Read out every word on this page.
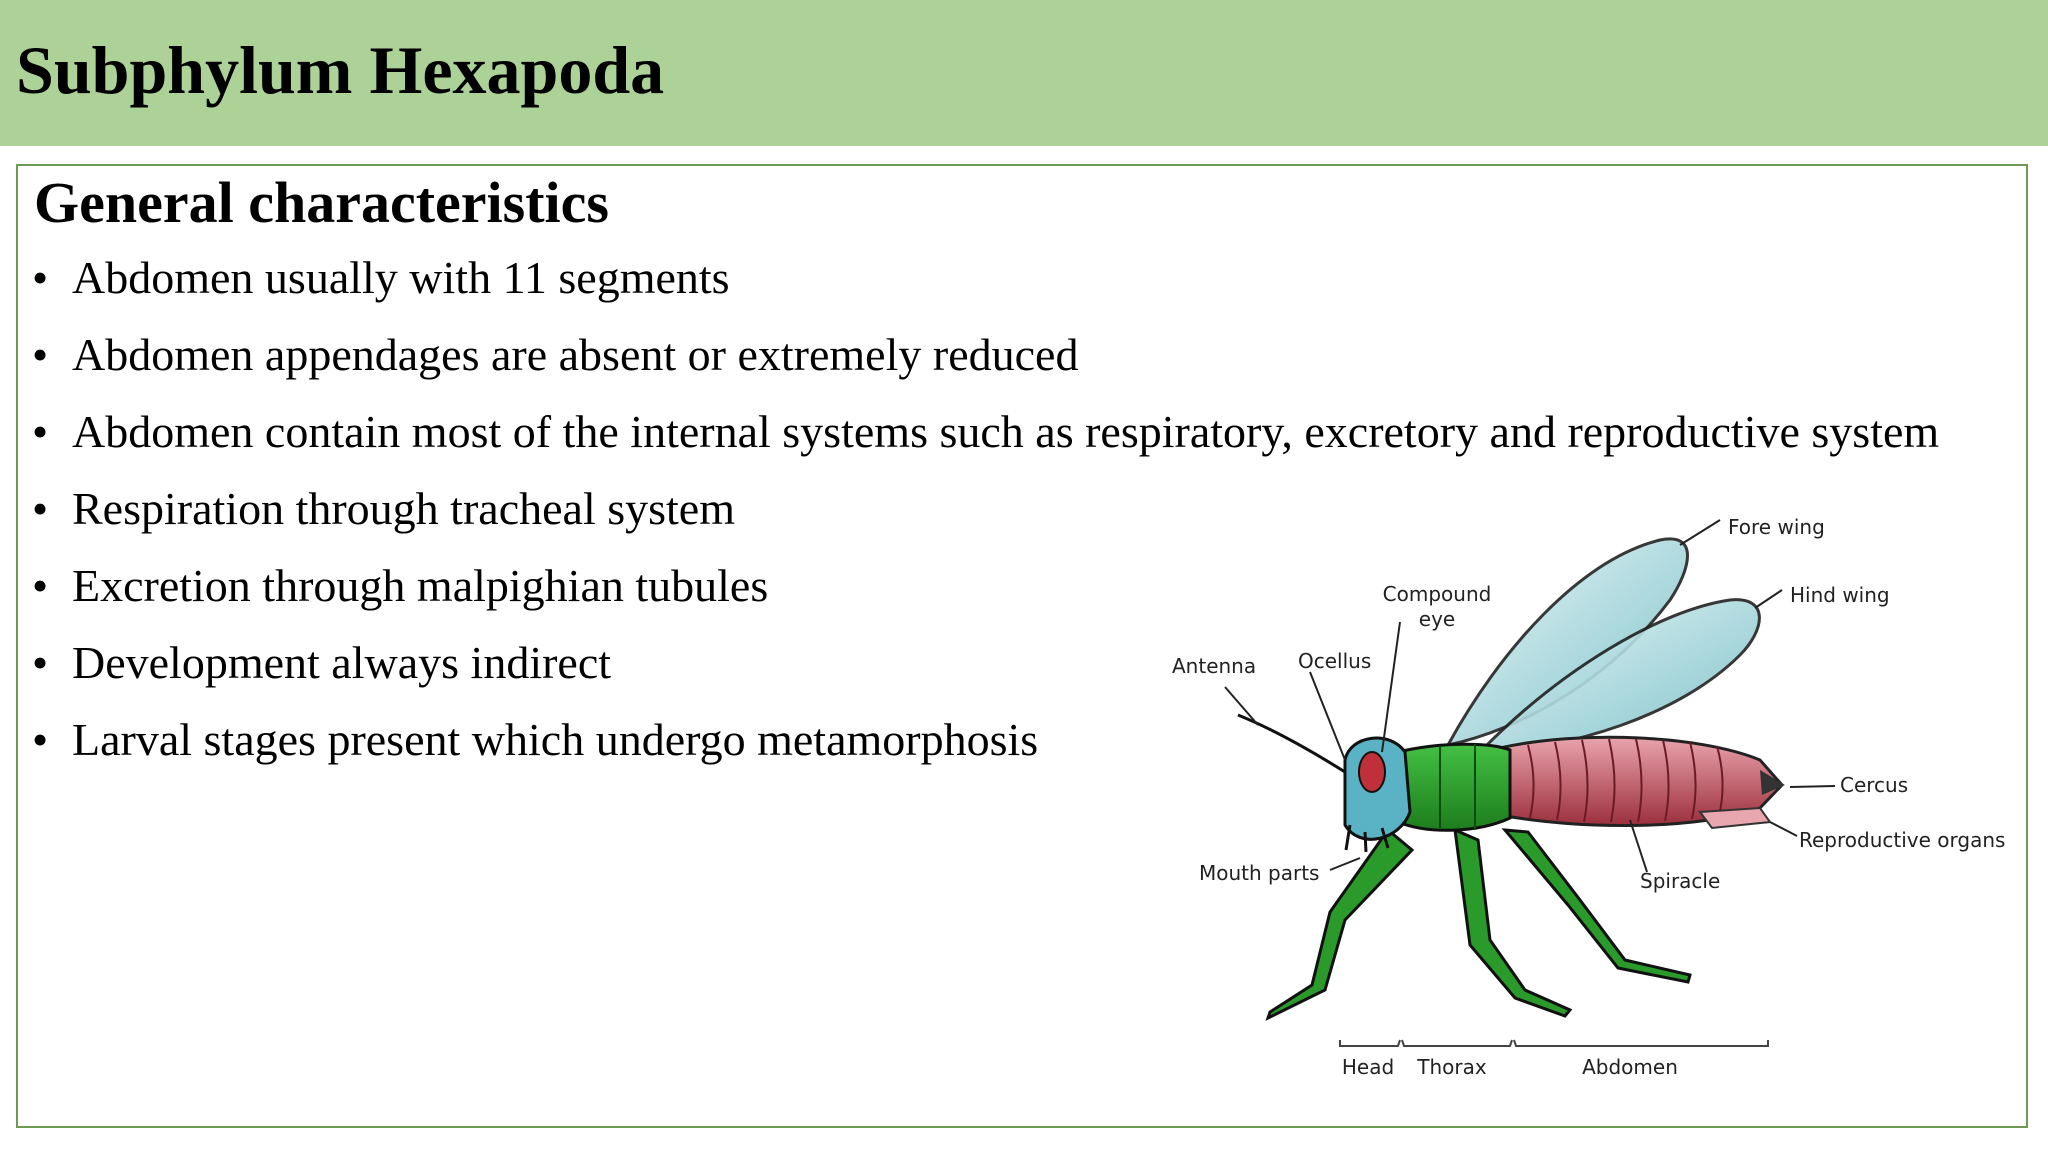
Subphylum Hexapoda
General characteristics
• Abdomen usually with 11 segments
• Abdomen appendages are absent or extremely reduced
• Abdomen contain most of the internal systems such as respiratory, excretory and reproductive system
• Respiration through tracheal system
• Excretion through malpighian tubules
• Development always indirect
• Larval stages present which undergo metamorphosis
Fore wing
Hind wing
Compound
eye
Antenna Ocellus
Cercus
Reproductive organs
Mouth parts	Spiracle
Head Thorax	Abdomen
